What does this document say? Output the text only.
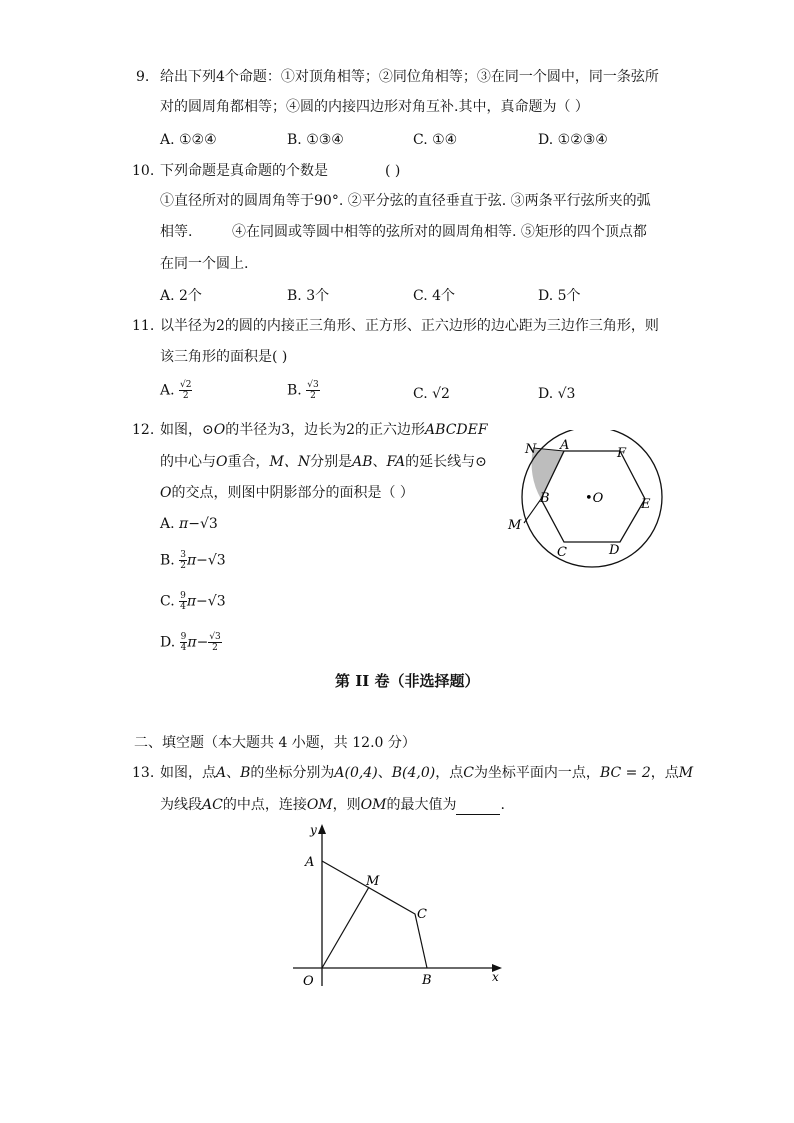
9. 给出下列4个命题：①对顶角相等；②同位角相等；③在同一个圆中，同一条弦所
对的圆周角都相等；④圆的内接四边形对角互补.其中，真命题为（ ）
A. ①②④	B. ①③④	C. ①④	D. ①②③④
10. 下列命题是真命题的个数是	( )
①直径所对的圆周角等于90°. ②平分弦的直径垂直于弦. ③两条平行弦所夹的弧
相等.	④在同圆或等圆中相等的弦所对的圆周角相等. ⑤矩形的四个顶点都
在同一个圆上.
A. 2个	B. 3个	C. 4个	D. 5个
11. 以半径为2的圆的内接正三角形、正方形、正六边形的边心距为三边作三角形，则
该三角形的面积是( )
A. $\frac{√2}{2}$	B. $\frac{√3}{2}$	C. √2	D. √3
12. 如图，⊙O的半径为3，边长为2的正六边形ABCDEF
的中心与O重合，M、N分别是AB、FA的延长线与⊙
O的交点，则图中阴影部分的面积是（ ）
A. π−√3
B. $\frac{3}{2} \pi-√3$
C. $\frac{9}{4} \pi-√3$
D. $\frac{9}{4} \pi- \frac{√3}{2}$
N A
F
B	•O	E
M
C	D
第 II 卷（非选择题）
二、填空题（本大题共 4 小题，共 12.0 分）
13. 如图，点A、B的坐标分别为A(0,4)、B(4,0)，点C为坐标平面内一点，BC = 2，点M
为线段AC的中点，连接OM，则OM的最大值为	.
y
A
M
C
O	B	x
